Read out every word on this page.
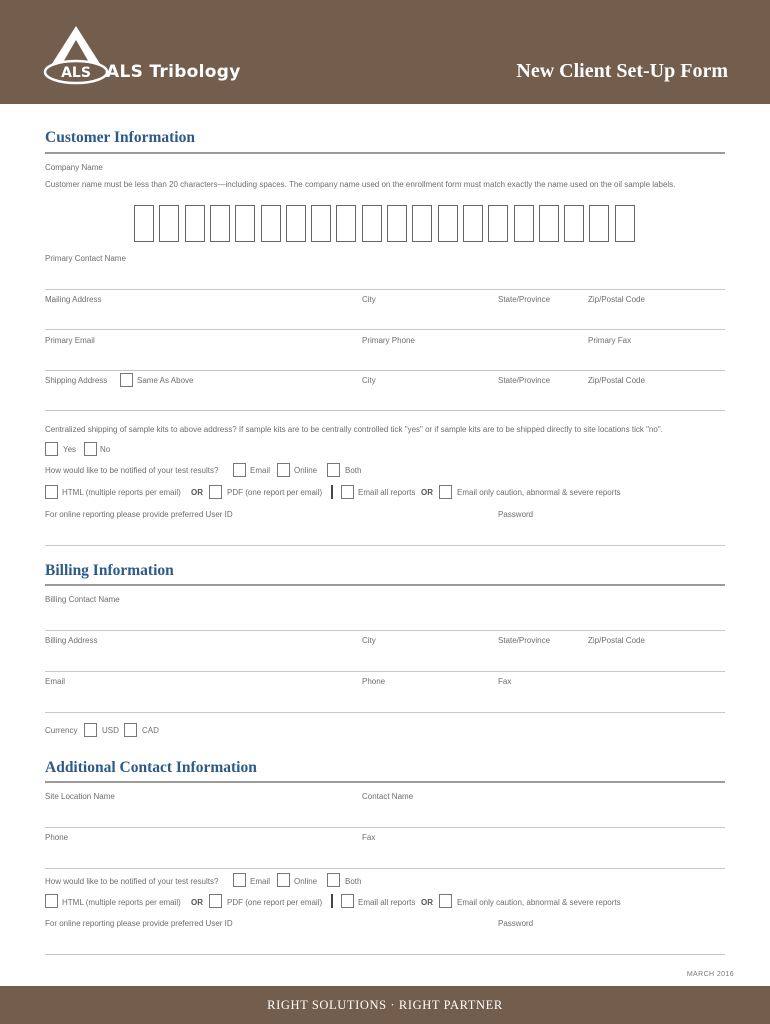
ALS ALS Tribology	New Client Set-Up Form
Customer Information
Company Name
Customer name must be less than 20 characters—including spaces. The company name used on the enrollment form must match exactly the name used on the oil sample labels.
Primary Contact Name
Mailing Address	City	State/Province	Zip/Postal Code
Primary Email	Primary Phone	Primary Fax
Shipping Address	Same As Above	City	State/Province	Zip/Postal Code
Centralized shipping of sample kits to above address? If sample kits are to be centrally controlled tick "yes" or if sample kits are to be shipped directly to site locations tick "no".
Yes	No
How would like to be notified of your test results?	Email	Online	Both
HTML (multiple reports per email) OR	PDF (one report per email)	Email all reports OR	Email only caution, abnormal & severe reports
For online reporting please provide preferred User ID	Password
Billing Information
Billing Contact Name
Billing Address	City	State/Province	Zip/Postal Code
Email	Phone	Fax
Currency	USD	CAD
Additional Contact Information
Site Location Name	Contact Name
Phone	Fax
How would like to be notified of your test results?	Email	Online	Both
HTML (multiple reports per email) OR	PDF (one report per email)	Email all reports OR	Email only caution, abnormal & severe reports
For online reporting please provide preferred User ID	Password
MARCH 2016
RIGHT SOLUTIONS · RIGHT PARTNER
